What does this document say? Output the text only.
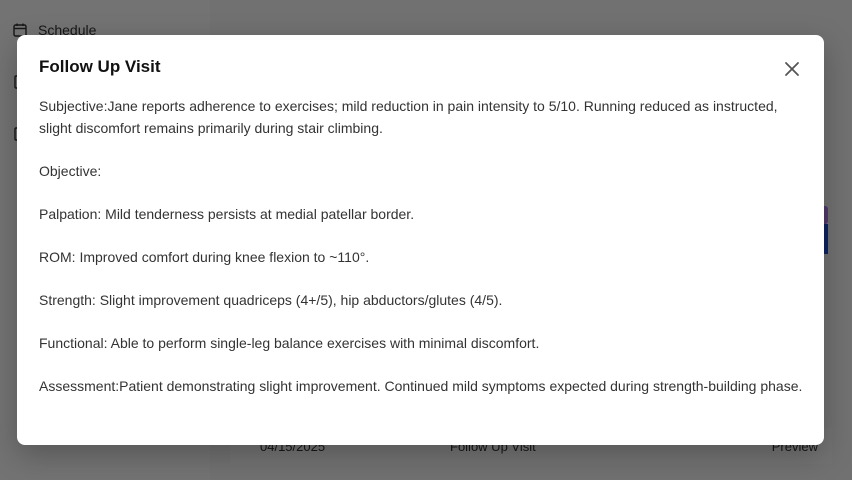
Follow Up Visit

Subjective:Jane reports adherence to exercises; mild reduction in pain intensity to 5/10. Running reduced as instructed, slight discomfort remains primarily during stair climbing.

Objective:

Palpation: Mild tenderness persists at medial patellar border.

ROM: Improved comfort during knee flexion to ~110°.

Strength: Slight improvement quadriceps (4+/5), hip abductors/glutes (4/5).

Functional: Able to perform single-leg balance exercises with minimal discomfort.

Assessment:Patient demonstrating slight improvement. Continued mild symptoms expected during strength-building phase.
